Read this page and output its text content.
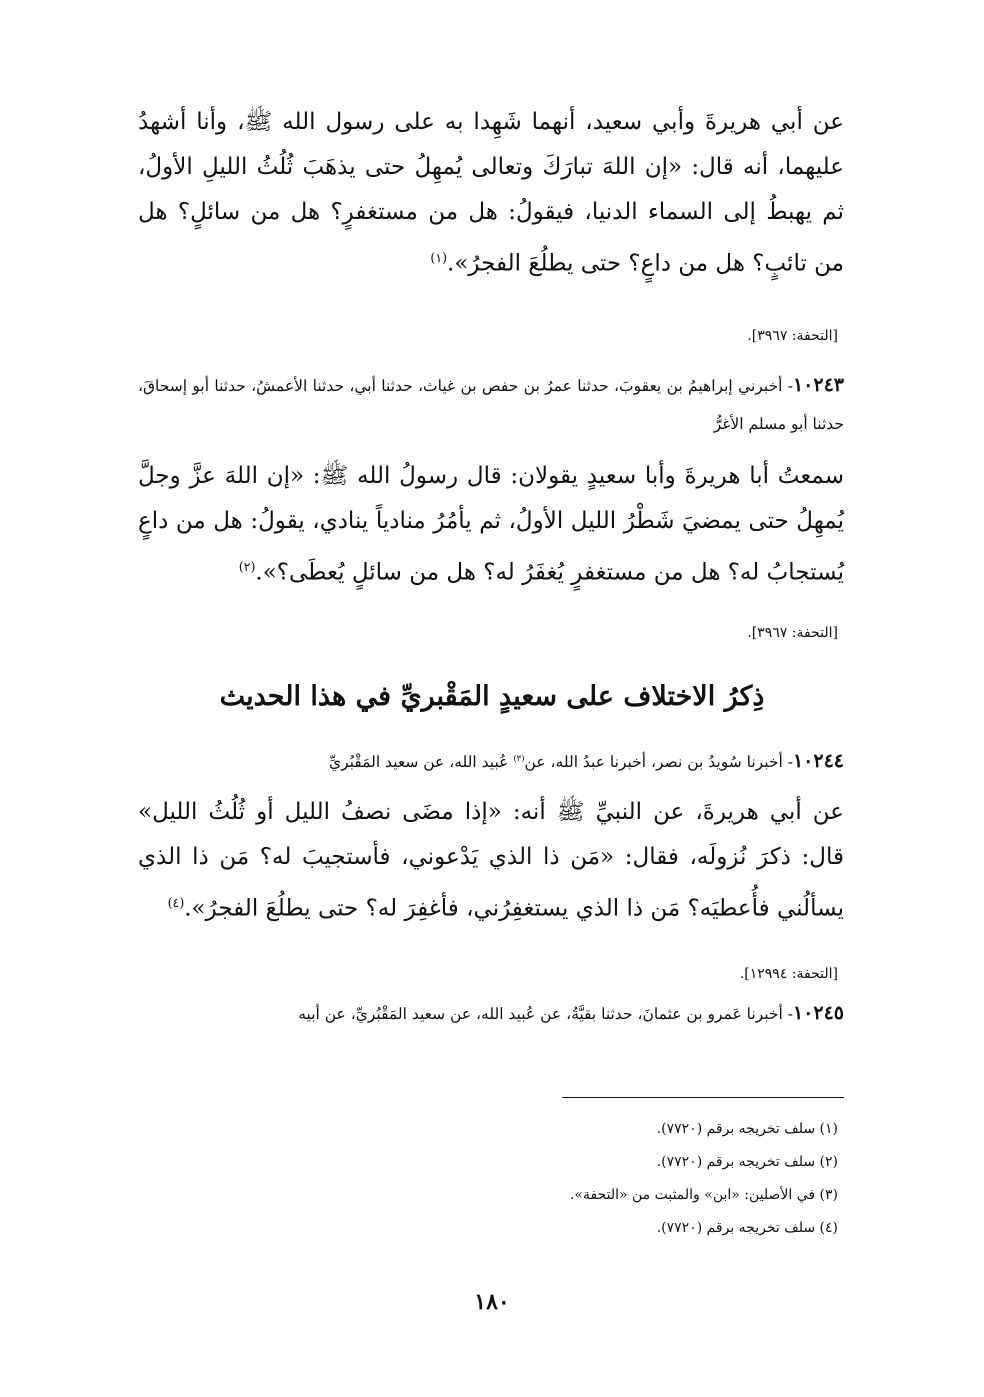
عن أبي هريرةَ وأبي سعيد، أنهما شَهِدا به على رسول الله ﷺ، وأنا أشهدُ عليهما، أنه قال: «إن اللهَ تبارَكَ وتعالى يُمهِلُ حتى يذهَبَ ثُلُثُ الليلِ الأولُ، ثم يهبطُ إلى السماء الدنيا، فيقولُ: هل من مستغفرٍ؟ هل من سائلٍ؟ هل من تائبٍ؟ هل من داعٍ؟ حتى يطلُعَ الفجرُ».$^{(١)}$
[التحفة: ٣٩٦٧].
١٠٢٤٣- أخبرني إبراهيمُ بن يعقوبَ، حدثنا عمرُ بن حفص بن غياث، حدثنا أبي، حدثنا الأعمشُ، حدثنا أبو إسحاقَ، حدثنا أبو مسلم الأغرُّ
سمعتُ أبا هريرةَ وأبا سعيدٍ يقولان: قال رسولُ الله ﷺ: «إن اللهَ عزَّ وجلَّ يُمهِلُ حتى يمضيَ شَطْرُ الليل الأولُ، ثم يأمُرُ منادياً ينادي، يقولُ: هل من داعٍ يُستجابُ له؟ هل من مستغفرٍ يُغفَرُ له؟ هل من سائلٍ يُعطَى؟».$^{(٢)}$
[التحفة: ٣٩٦٧].
ذِكرُ الاختلاف على سعيدٍ المَقْبريِّ في هذا الحديث
١٠٢٤٤- أخبرنا سُويدُ بن نصر، أخبرنا عبدُ الله، عن$^{(٣)}$ عُبيد الله، عن سعيد المَقْبُريِّ
عن أبي هريرةَ، عن النبيِّ ﷺ أنه: «إذا مضَى نصفُ الليل أو ثُلُثُ الليل» قال: ذكرَ نُزولَه، فقال: «مَن ذا الذي يَدْعوني، فأستجيبَ له؟ مَن ذا الذي يسألُني فأُعطيَه؟ مَن ذا الذي يستغفِرُني، فأغفِرَ له؟ حتى يطلُعَ الفجرُ».$^{(٤)}$
[التحفة: ١٢٩٩٤].
١٠٢٤٥- أخبرنا عَمرو بن عثمانَ، حدثنا بقيَّةُ، عن عُبيد الله، عن سعيد المَقْبُريِّ، عن أبيه
(١) سلف تخريجه برقم (٧٧٢٠).
(٢) سلف تخريجه برقم (٧٧٢٠).
(٣) في الأصلين: «ابن» والمثبت من «التحفة».
(٤) سلف تخريجه برقم (٧٧٢٠).
١٨٠
